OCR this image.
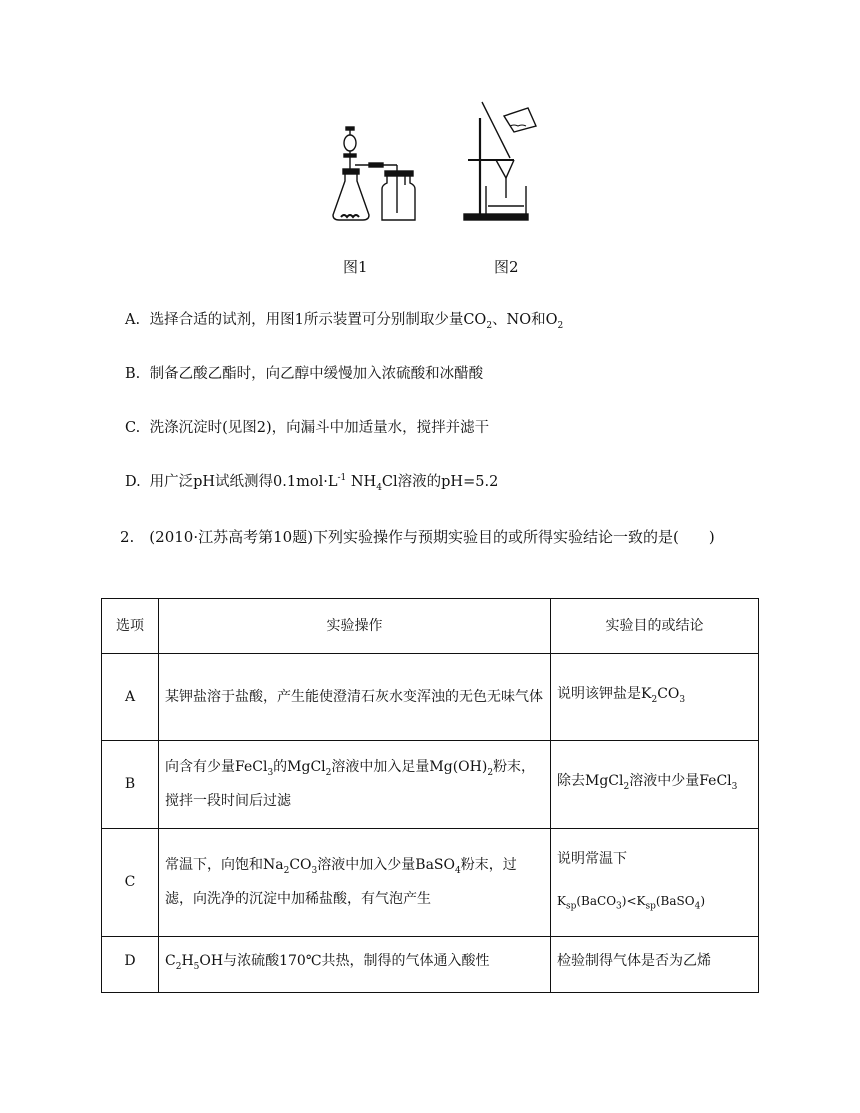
图1	图2
A. 选择合适的试剂，用图1所示装置可分别制取少量$CO_2$、NO和$O_2$
B. 制备乙酸乙酯时，向乙醇中缓慢加入浓硫酸和冰醋酸
C. 洗涤沉淀时(见图2)，向漏斗中加适量水，搅拌并滤干
D. 用广泛pH试纸测得$0.1mol\cdot L^{-1}$ $NH_4Cl$溶液的pH=5.2
2.　(2010·江苏高考第10题)下列实验操作与预期实验目的或所得实验结论一致的是(　　)
选项	实验操作	实验目的或结论
A	某钾盐溶于盐酸，产生能使澄清石灰水变浑浊的无色无味气体	说明该钾盐是$K_2CO_3$
B	向含有少量FeCl$_3$的MgCl$_2$溶液中加入足量$Mg(OH)_2$粉末，搅拌一段时间后过滤	除去MgCl$_2$溶液中少量FeCl$_3$
C	常温下，向饱和$Na_2CO_3$溶液中加入少量BaSO$_4$粉末，过滤，向洗净的沉淀中加稀盐酸，有气泡产生	说明常温下
$K_{sp}(BaCO_3)<K_{sp}(BaSO_4)$

D	$C_2H_5OH$与浓硫酸170℃共热，制得的气体通入酸性	检验制得气体是否为乙烯
